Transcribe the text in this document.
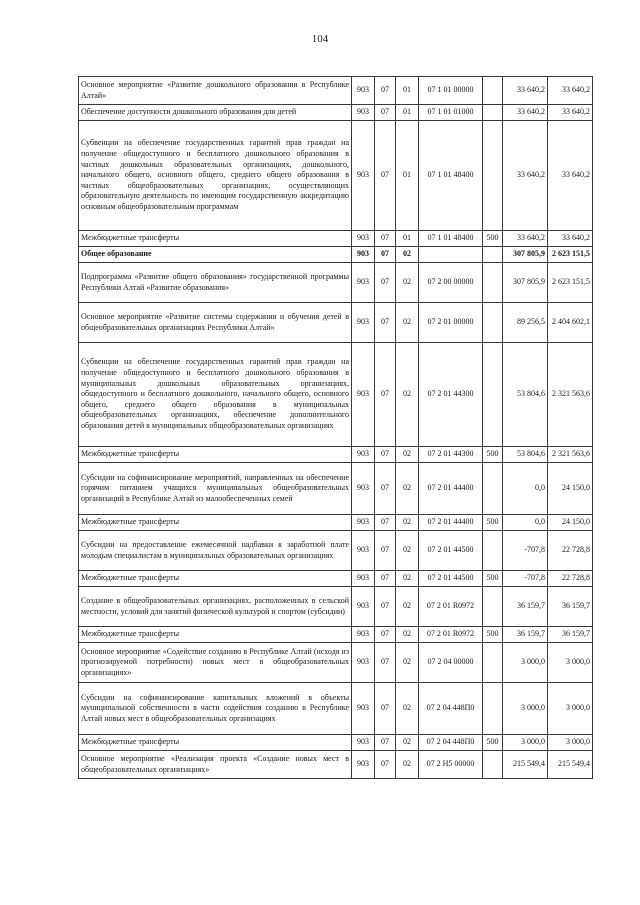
104
Основное мероприятие «Развитие дошкольного образования в Республике Алтай»	903	07	01	07 1 01 00000		33 640,2	33 640,2
Обеспечение доступности дошкольного образования для детей	903	07	01	07 1 01 01000		33 640,2	33 640,2
Субвенции на обеспечение государственных гарантий прав граждан на получение общедоступного и бесплатного дошкольного образования в частных дошкольных образовательных организациях, дошкольного, начального общего, основного общего, среднего общего образования в частных общеобразовательных организациях, осуществляющих образовательную деятельность по имеющим государственную аккредитацию основным общеобразовательным программам	903	07	01	07 1 01 48400		33 640,2	33 640,2
Межбюджетные трансферты	903	07	01	07 1 01 48400	500	33 640,2	33 640,2
Общее образование	903	07	02			307 805,9	2 623 151,5
Подпрограмма «Развитие общего образования» государственной программы Республики Алтай «Развитие образования»	903	07	02	07 2 00 00000		307 805,9	2 623 151,5
Основное мероприятие «Развитие системы содержания и обучения детей в общеобразовательных организациях Республики Алтай»	903	07	02	07 2 01 00000		89 256,5	2 404 602,1
Субвенции на обеспечение государственных гарантий прав граждан на получение общедоступного и бесплатного дошкольного образования в муниципальных дошкольных образовательных организациях, общедоступного и бесплатного дошкольного, начального общего, основного общего, среднего общего образования в муниципальных общеобразовательных организациях, обеспечение дополнительного образования детей в муниципальных общеобразовательных организациях	903	07	02	07 2 01 44300		53 804,6	2 321 563,6
Межбюджетные трансферты	903	07	02	07 2 01 44300	500	53 804,6	2 321 563,6
Субсидии на софинансирование мероприятий, направленных на обеспечение горячим питанием учащихся муниципальных общеобразовательных организаций в Республике Алтай из малообеспеченных семей	903	07	02	07 2 01 44400		0,0	24 150,0
Межбюджетные трансферты	903	07	02	07 2 01 44400	500	0,0	24 150,0
Субсидии на предоставление ежемесячной надбавки к заработной плате молодым специалистам в муниципальных образовательных организациях	903	07	02	07 2 01 44500		-707,8	22 728,8
Межбюджетные трансферты	903	07	02	07 2 01 44500	500	-707,8	22 728,8
Создание в общеобразовательных организациях, расположенных в сельской местности, условий для занятий физической культурой и спортом (субсидии)	903	07	02	07 2 01 R0972		36 159,7	36 159,7
Межбюджетные трансферты	903	07	02	07 2 01 R0972	500	36 159,7	36 159,7
Основное мероприятие «Содействие созданию в Республике Алтай (исходя из прогнозируемой потребности) новых мест в общеобразовательных организациях»	903	07	02	07 2 04 00000		3 000,0	3 000,0
Субсидии на софинансирование капитальных вложений в объекты муниципальной собственности в части содействия созданию в Республике Алтай новых мест в общеобразовательных организациях	903	07	02	07 2 04 448П0		3 000,0	3 000,0
Межбюджетные трансферты	903	07	02	07 2 04 448П0	500	3 000,0	3 000,0
Основное мероприятие «Реализация проекта «Создание новых мест в общеобразовательных организациях»	903	07	02	07 2 Н5 00000		215 549,4	215 549,4
